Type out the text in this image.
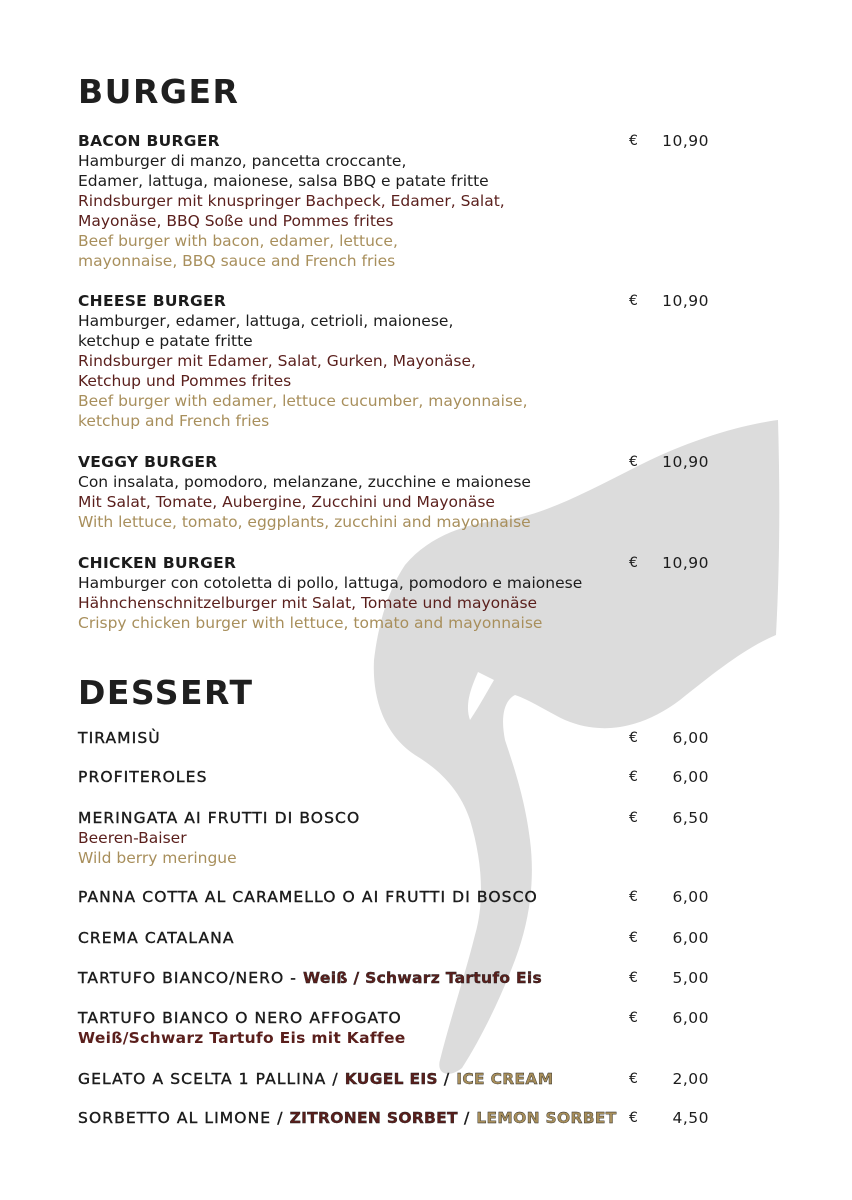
BURGER
BACON BURGER
Hamburger di manzo, pancetta croccante,
Edamer, lattuga, maionese, salsa BBQ e patate fritte
Rindsburger mit knuspringer Bachpeck, Edamer, Salat,
Mayonäse, BBQ Soße und Pommes frites
Beef burger with bacon, edamer, lettuce,
mayonnaise, BBQ sauce and French fries
€	10,90
CHEESE BURGER
Hamburger, edamer, lattuga, cetrioli, maionese,
ketchup e patate fritte
Rindsburger mit Edamer, Salat, Gurken, Mayonäse,
Ketchup und Pommes frites
Beef burger with edamer, lettuce cucumber, mayonnaise,
ketchup and French fries
€	10,90
VEGGY BURGER
Con insalata, pomodoro, melanzane, zucchine e maionese
Mit Salat, Tomate, Aubergine, Zucchini und Mayonäse
With lettuce, tomato, eggplants, zucchini and mayonnaise
€	10,90
CHICKEN BURGER
Hamburger con cotoletta di pollo, lattuga, pomodoro e maionese
Hähnchenschnitzelburger mit Salat, Tomate und mayonäse
Crispy chicken burger with lettuce, tomato and mayonnaise
€	10,90
DESSERT
TIRAMISÙ	€	6,00
PROFITEROLES	€	6,00
MERINGATA AI FRUTTI DI BOSCO
Beeren-Baiser
Wild berry meringue
€	6,50
PANNA COTTA AL CARAMELLO O AI FRUTTI DI BOSCO	€	6,00
CREMA CATALANA	€	6,00
TARTUFO BIANCO/NERO - Weiß / Schwarz Tartufo Eis	€	5,00
TARTUFO BIANCO O NERO AFFOGATO
Weiß/Schwarz Tartufo Eis mit Kaffee
€	6,00
GELATO A SCELTA 1 PALLINA / KUGEL EIS / ICE CREAM	€	2,00
SORBETTO AL LIMONE / ZITRONEN SORBET / LEMON SORBET €	4,50
